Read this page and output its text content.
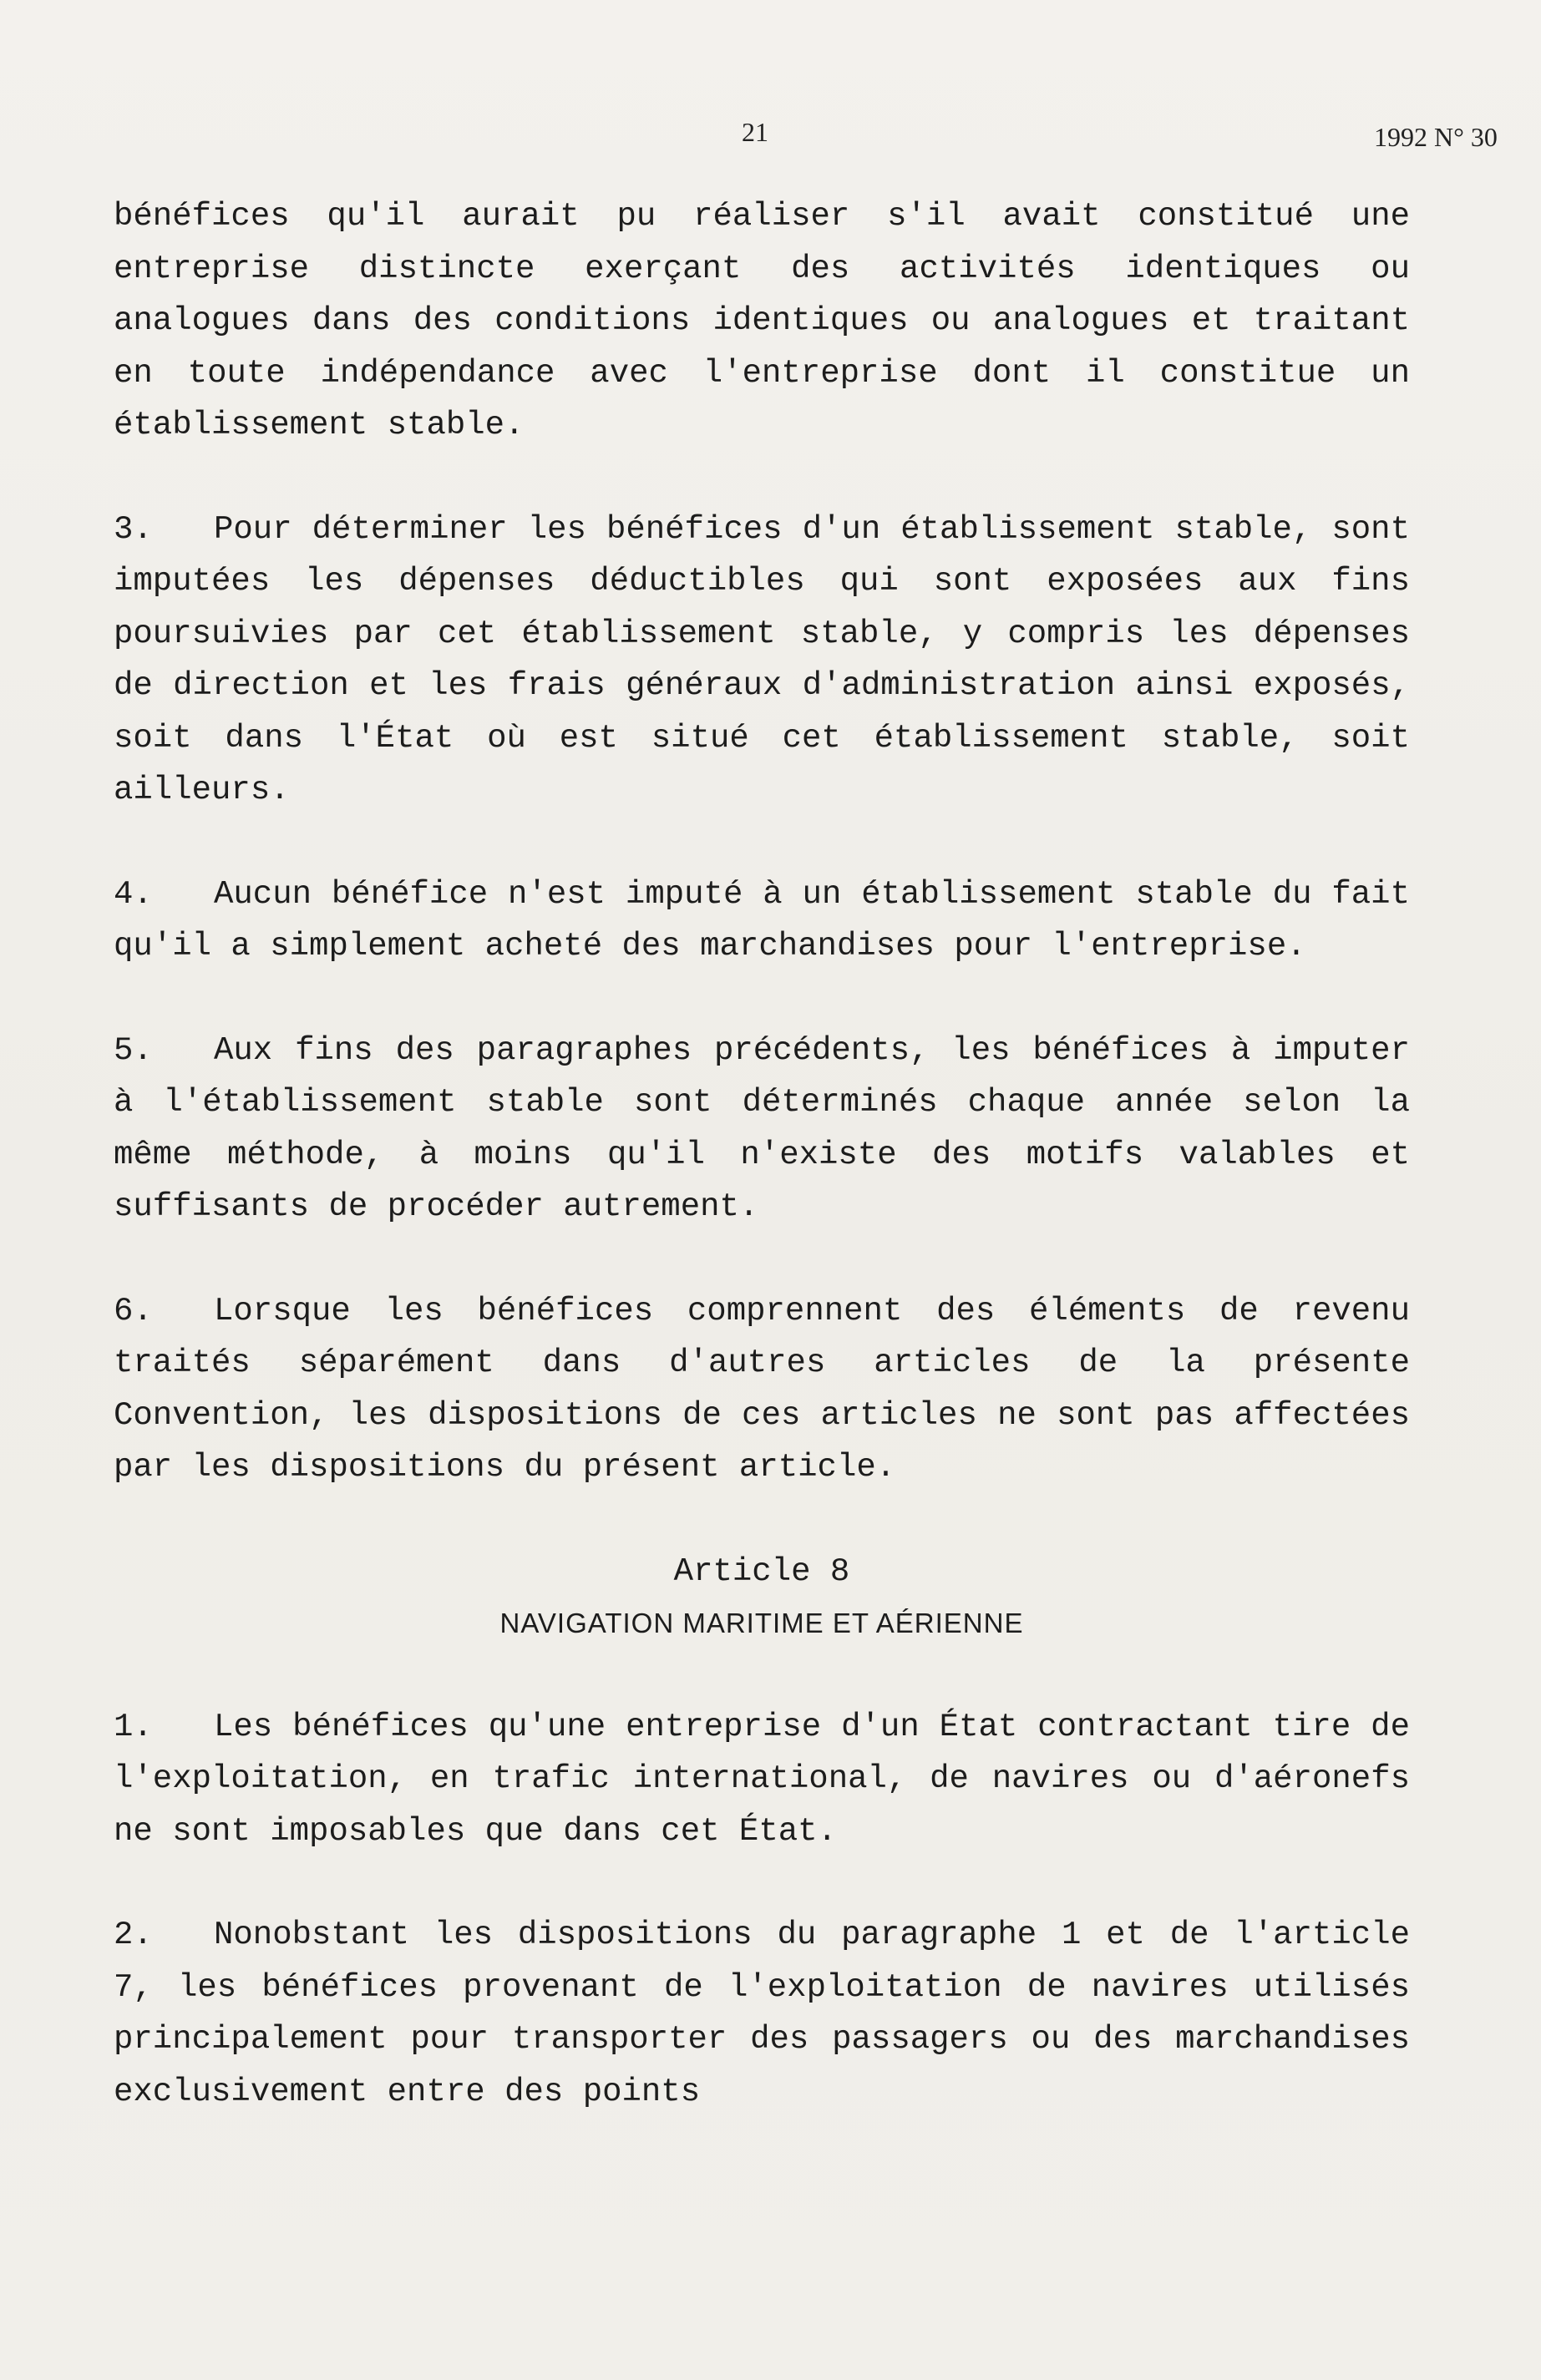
21	1992 N° 30

bénéfices qu'il aurait pu réaliser s'il avait constitué une entreprise distincte exerçant des activités identiques ou analogues dans des conditions identiques ou analogues et traitant en toute indépendance avec l'entreprise dont il constitue un établissement stable.

3. Pour déterminer les bénéfices d'un établissement stable, sont imputées les dépenses déductibles qui sont exposées aux fins poursuivies par cet établissement stable, y compris les dépenses de direction et les frais généraux d'administration ainsi exposés, soit dans l'État où est situé cet établissement stable, soit ailleurs.

4. Aucun bénéfice n'est imputé à un établissement stable du fait qu'il a simplement acheté des marchandises pour l'entreprise.

5. Aux fins des paragraphes précédents, les bénéfices à imputer à l'établissement stable sont déterminés chaque année selon la même méthode, à moins qu'il n'existe des motifs valables et suffisants de procéder autrement.

6. Lorsque les bénéfices comprennent des éléments de revenu traités séparément dans d'autres articles de la présente Convention, les dispositions de ces articles ne sont pas affectées par les dispositions du présent article.

Article 8

NAVIGATION MARITIME ET AÉRIENNE

1. Les bénéfices qu'une entreprise d'un État contractant tire de l'exploitation, en trafic international, de navires ou d'aéronefs ne sont imposables que dans cet État.

2. Nonobstant les dispositions du paragraphe 1 et de l'article 7, les bénéfices provenant de l'exploitation de navires utilisés principalement pour transporter des passagers ou des marchandises exclusivement entre des points
